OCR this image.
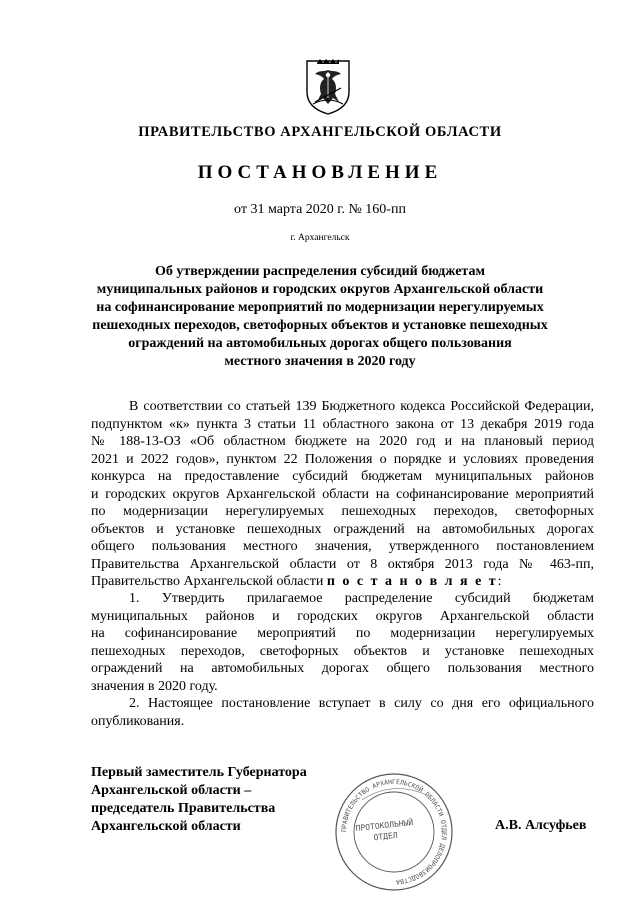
ПРАВИТЕЛЬСТВО АРХАНГЕЛЬСКОЙ ОБЛАСТИ
ПОСТАНОВЛЕНИЕ
от 31 марта 2020 г. № 160-пп
г. Архангельск
Об утверждении распределения субсидий бюджетам
муниципальных районов и городских округов Архангельской области
на софинансирование мероприятий по модернизации нерегулируемых
пешеходных переходов, светофорных объектов и установке пешеходных
ограждений на автомобильных дорогах общего пользования
местного значения в 2020 году
В соответствии со статьей 139 Бюджетного кодекса Российской Федерации,
подпунктом «к» пункта 3 статьи 11 областного закона от 13 декабря 2019 года
№ 188-13-ОЗ «Об областном бюджете на 2020 год и на плановый период
2021 и 2022 годов», пунктом 22 Положения о порядке и условиях проведения
конкурса на предоставление субсидий бюджетам муниципальных районов
и городских округов Архангельской области на софинансирование мероприятий
по модернизации нерегулируемых пешеходных переходов, светофорных
объектов и установке пешеходных ограждений на автомобильных дорогах
общего пользования местного значения, утвержденного постановлением
Правительства Архангельской области от 8 октября 2013 года № 463-пп,
Правительство Архангельской области п о с т а н о в л я е т:
1. Утвердить прилагаемое распределение субсидий бюджетам
муниципальных районов и городских округов Архангельской области
на софинансирование мероприятий по модернизации нерегулируемых
пешеходных переходов, светофорных объектов и установке пешеходных
ограждений на автомобильных дорогах общего пользования местного
значения в 2020 году.
2. Настоящее постановление вступает в силу со дня его официального
опубликования.
Первый заместитель Губернатора
Архангельской области –
председатель Правительства
Архангельской области	ПРАВИТЕЛЬСТВО АРХАНГЕЛЬСКОЙ ОБЛАСТИ ОТДЕЛ ДЕЛОПРОИЗВОДСТВА
ПРОТОКОЛЬНЫЙ
ОТДЕЛ
А.В. Алсуфьев
